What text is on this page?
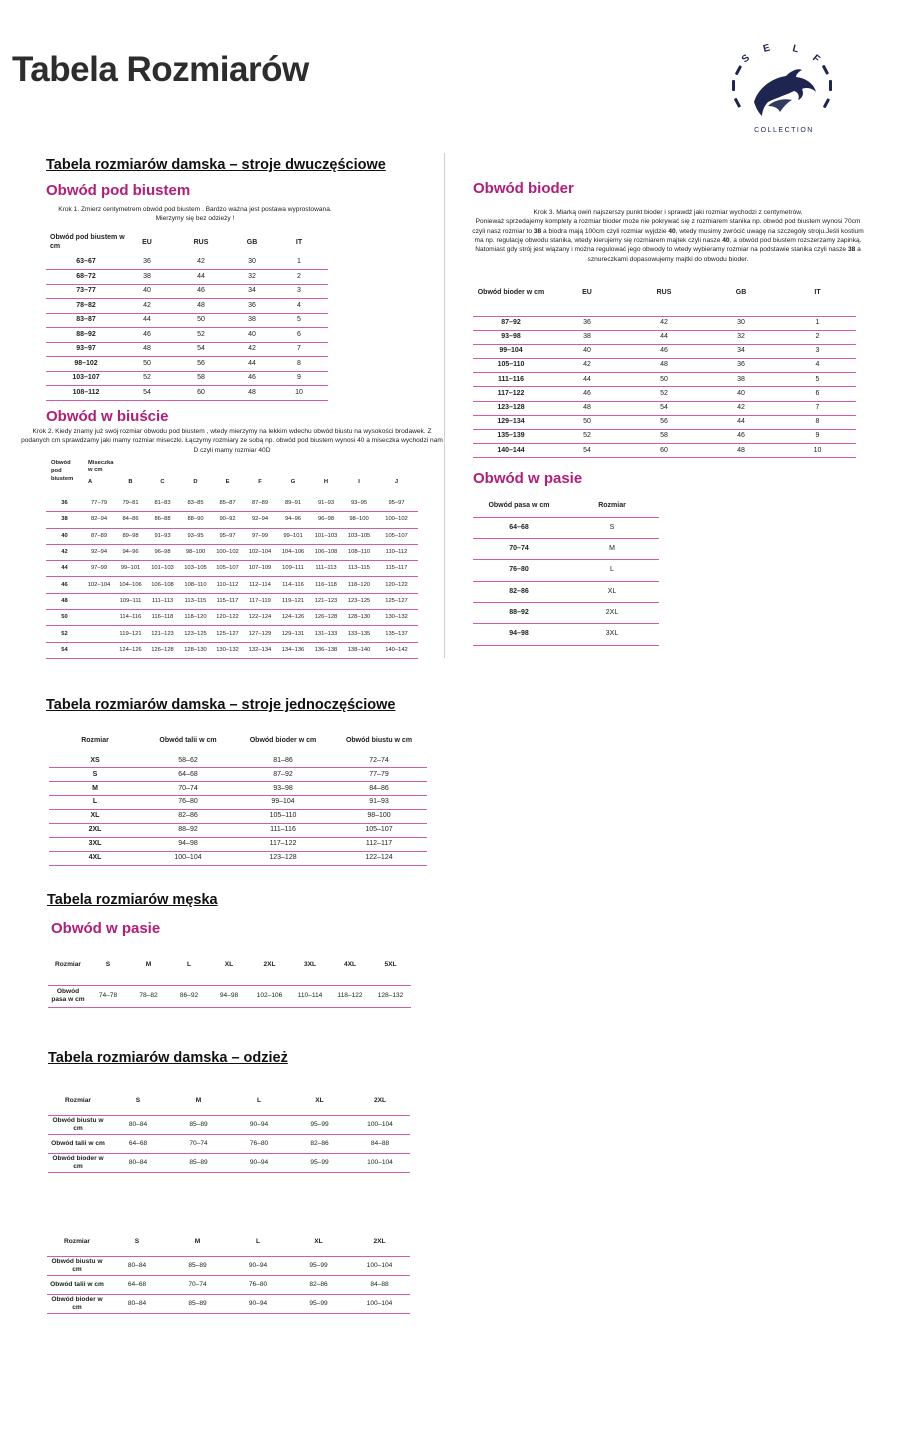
Tabela Rozmiarów	S
E L
F
COLLECTION
Tabela rozmiarów damska – stroje dwuczęściowe
Obwód pod biustem
Krok 1. Zmierz centymetrem obwód pod biustem . Bardzo ważna jest postawa wyprostowana. Mierzymy się bez odzieży !
Obwód pod biustem w cm	EU	RUS	GB	IT
63–67	36	42	30	1
68–72	38	44	32	2
73–77	40	46	34	3
78–82	42	48	36	4
83–87	44	50	38	5
88–92	46	52	40	6
93–97	48	54	42	7
98–102	50	56	44	8
103–107	52	58	46	9
108–112	54	60	48	10
Obwód w biuście
Krok 2. Kiedy znamy już swój rozmiar obwodu pod biustem , wtedy mierzymy na lekkim wdechu obwód biustu na wysokości brodawek. Z podanych cm sprawdzamy jaki mamy rozmiar miseczki. Łączymy rozmiary ze sobą np. obwód pod biustem wynosi 40 a miseczka wychodzi nam D czyli mamy rozmiar 40D
Obwód pod biustem	Miseczka w cm									
	A	B	C	D	E	F	G	H	I	J

36	77–79	79–81	81–83	83–85	85–87	87–89	89–91	91–93	93–95	95–97
38	82–94	84–86	86–88	88–90	90–92	92–94	94–96	96–98	98–100	100–102
40	87–89	89–98	91–93	93–95	95–97	97–99	99–101	101–103	103–105	105–107
42	92–94	94–96	96–98	98–100	100–102	102–104	104–106	106–108	108–110	110–112
44	97–99	99–101	101–103	103–105	105–107	107–109	109–111	111–113	113–115	115–117
46	102–104	104–106	106–108	108–110	110–112	112–114	114–116	116–118	118–120	120–122
48		109–111	111–113	113–115	115–117	117–119	119–121	121–123	123–125	125–127
50		114–116	116–118	118–120	120–122	122–124	124–126	126–128	128–130	130–132
52		119–121	121–123	123–125	125–127	127–129	129–131	131–133	133–135	135–137
54		124–126	126–128	128–130	130–132	132–134	134–136	136–138	138–140	140–142
Obwód bioder
Krok 3. Miarką owiń najszerszy punkt bioder i sprawdź jaki rozmiar wychodzi z centymetrów.
Ponieważ sprzedajemy komplety a rozmiar bioder może nie pokrywać się z rozmiarem stanika np. obwód pod biustem wynosi 70cm czyli nasz rozmiar to 38 a biodra mają 100cm czyli rozmiar wyjdzie 40, wtedy musimy zwrócić uwagę na szczegóły stroju.Jeśli kostium ma np. regulację obwodu stanika, wtedy kierujemy się rozmiarem majtek czyli nasze 40, a obwód pod biustem rozszerzamy zapinką. Natomiast gdy strój jest wiązany i można regulować jego obwody to wtedy wybieramy rozmiar na podstawie stanika czyli nasze 38 a sznureczkami dopasowujemy majtki do obwodu bioder.
Obwód bioder w cm	EU	RUS	GB	IT

87–92	36	42	30	1
93–98	38	44	32	2
99–104	40	46	34	3
105–110	42	48	36	4
111–116	44	50	38	5
117–122	46	52	40	6
123–128	48	54	42	7
129–134	50	56	44	8
135–139	52	58	46	9
140–144	54	60	48	10
Obwód w pasie
Obwód pasa w cm	Rozmiar
64–68	S
70–74	M
76–80	L
82–86	XL
88–92	2XL
94–98	3XL
Tabela rozmiarów damska – stroje jednoczęściowe
Rozmiar	Obwód talii w cm	Obwód bioder w cm	Obwód biustu w cm
XS	58–62	81–86	72–74
S	64–68	87–92	77–79
M	70–74	93–98	84–86
L	76–80	99–104	91–93
XL	82–86	105–110	98–100
2XL	88–92	111–116	105–107
3XL	94–98	117–122	112–117
4XL	100–104	123–128	122–124
Tabela rozmiarów męska
Obwód w pasie
Rozmiar	S	M	L	XL	2XL	3XL	4XL	5XL

Obwód pasa w cm	74–78	78–82	86–92	94–98	102–106	110–114	118–122	128–132
Tabela rozmiarów damska – odzież
Rozmiar	S	M	L	XL	2XL
Obwód biustu w cm	80–84	85–89	90–94	95–99	100–104
Obwód talii w cm	64–68	70–74	76–80	82–86	84–88
Obwód bioder w cm	80–84	85–89	90–94	95–99	100–104
Rozmiar	S	M	L	XL	2XL
Obwód biustu w cm	80–84	85–89	90–94	95–99	100–104
Obwód talii w cm	64–68	70–74	76–80	82–86	84–88
Obwód bioder w cm	80–84	85–89	90–94	95–99	100–104
